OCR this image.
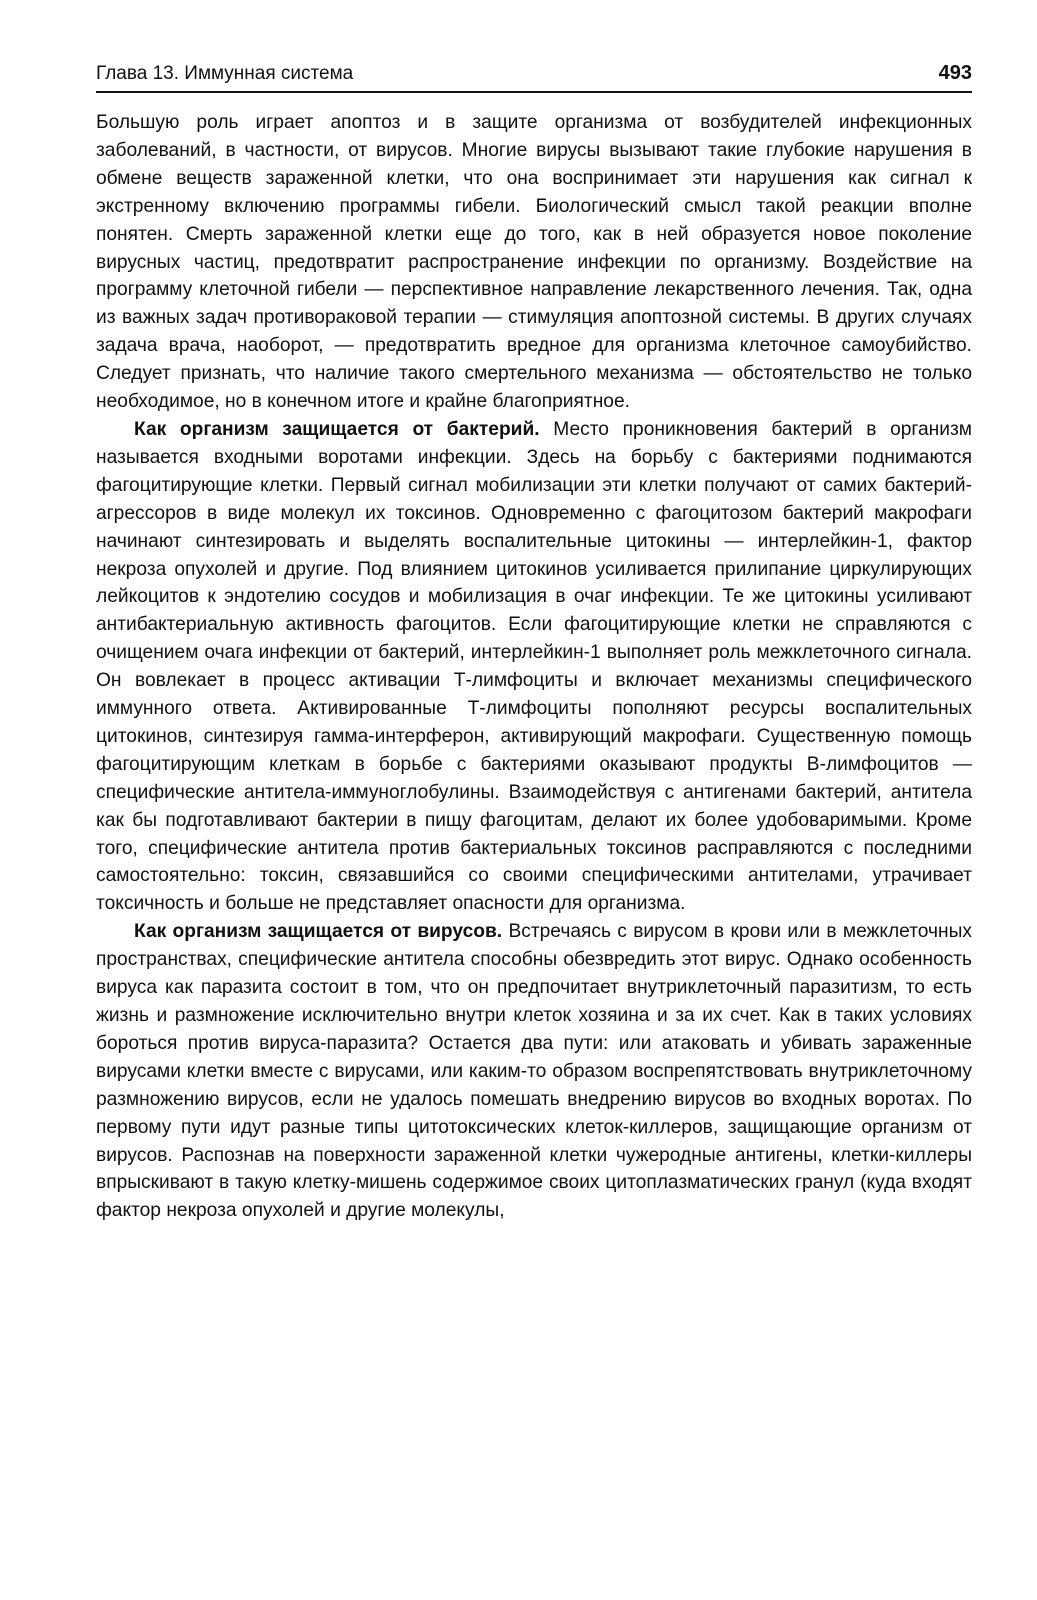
Глава 13. Иммунная система	493

Большую роль играет апоптоз и в защите организма от возбудителей инфекционных заболеваний, в частности, от вирусов. Многие вирусы вызывают такие глубокие нарушения в обмене веществ зараженной клетки, что она воспринимает эти нарушения как сигнал к экстренному включению программы гибели. Биологический смысл такой реакции вполне понятен. Смерть зараженной клетки еще до того, как в ней образуется новое поколение вирусных частиц, предотвратит распространение инфекции по организму. Воздействие на программу клеточной гибели — перспективное направление лекарственного лечения. Так, одна из важных задач противораковой терапии — стимуляция апоптозной системы. В других случаях задача врача, наоборот, — предотвратить вредное для организма клеточное самоубийство. Следует признать, что наличие такого смертельного механизма — обстоятельство не только необходимое, но в конечном итоге и крайне благоприятное.

Как организм защищается от бактерий. Место проникновения бактерий в организм называется входными воротами инфекции. Здесь на борьбу с бактериями поднимаются фагоцитирующие клетки. Первый сигнал мобилизации эти клетки получают от самих бактерий-агрессоров в виде молекул их токсинов. Одновременно с фагоцитозом бактерий макрофаги начинают синтезировать и выделять воспалительные цитокины — интерлейкин-1, фактор некроза опухолей и другие. Под влиянием цитокинов усиливается прилипание циркулирующих лейкоцитов к эндотелию сосудов и мобилизация в очаг инфекции. Те же цитокины усиливают антибактериальную активность фагоцитов. Если фагоцитирующие клетки не справляются с очищением очага инфекции от бактерий, интерлейкин-1 выполняет роль межклеточного сигнала. Он вовлекает в процесс активации Т-лимфоциты и включает механизмы специфического иммунного ответа. Активированные Т-лимфоциты пополняют ресурсы воспалительных цитокинов, синтезируя гамма-интерферон, активирующий макрофаги. Существенную помощь фагоцитирующим клеткам в борьбе с бактериями оказывают продукты В-лимфоцитов — специфические антитела-иммуноглобулины. Взаимодействуя с антигенами бактерий, антитела как бы подготавливают бактерии в пищу фагоцитам, делают их более удобоваримыми. Кроме того, специфические антитела против бактериальных токсинов расправляются с последними самостоятельно: токсин, связавшийся со своими специфическими антителами, утрачивает токсичность и больше не представляет опасности для организма.

Как организм защищается от вирусов. Встречаясь с вирусом в крови или в межклеточных пространствах, специфические антитела способны обезвредить этот вирус. Однако особенность вируса как паразита состоит в том, что он предпочитает внутриклеточный паразитизм, то есть жизнь и размножение исключительно внутри клеток хозяина и за их счет. Как в таких условиях бороться против вируса-паразита? Остается два пути: или атаковать и убивать зараженные вирусами клетки вместе с вирусами, или каким-то образом воспрепятствовать внутриклеточному размножению вирусов, если не удалось помешать внедрению вирусов во входных воротах. По первому пути идут разные типы цитотоксических клеток-киллеров, защищающие организм от вирусов. Распознав на поверхности зараженной клетки чужеродные антигены, клетки-киллеры впрыскивают в такую клетку-мишень содержимое своих цитоплазматических гранул (куда входят фактор некроза опухолей и другие молекулы,
